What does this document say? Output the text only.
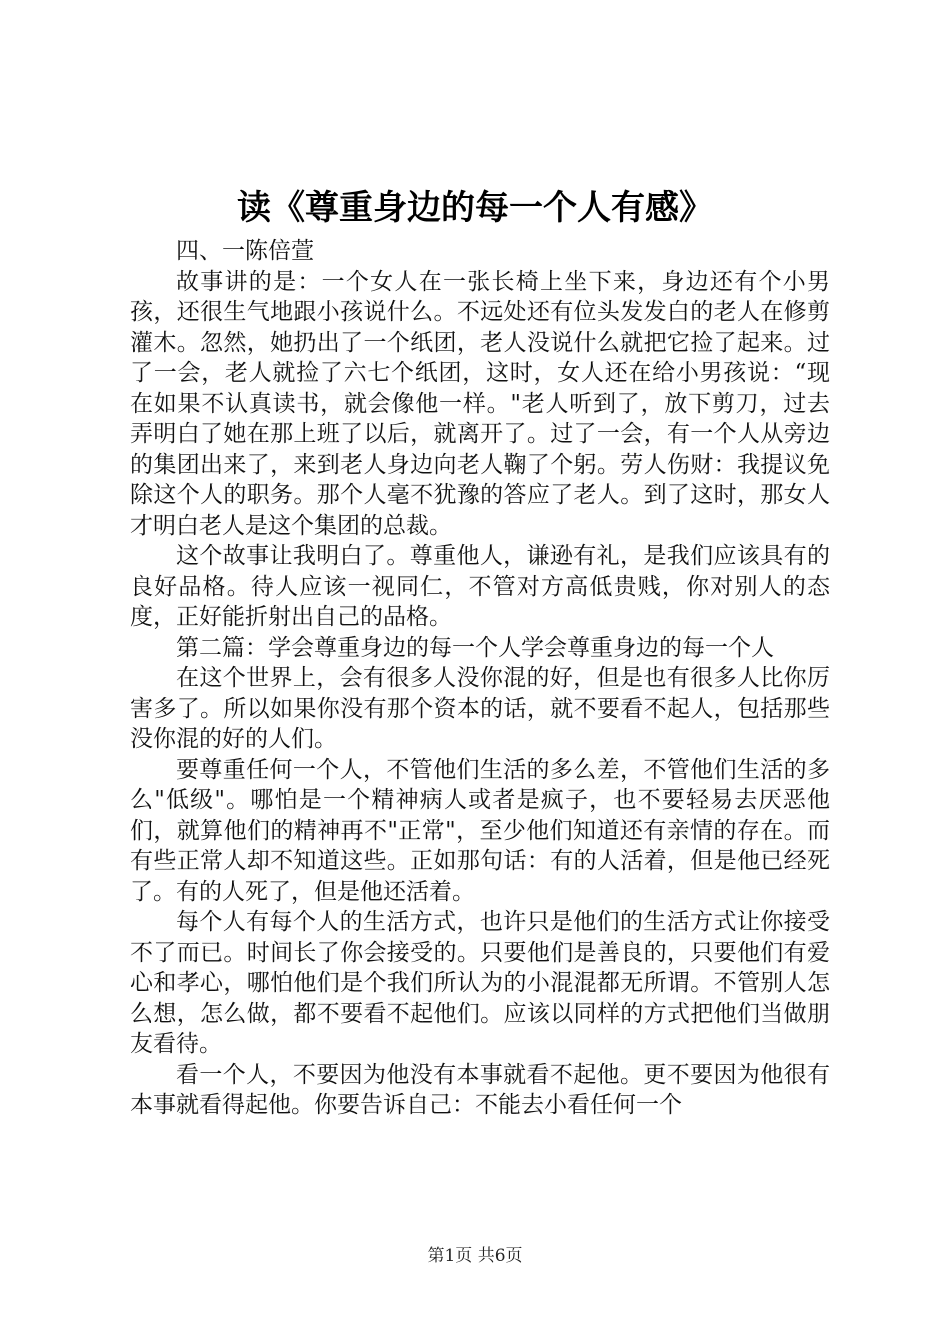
读《尊重身边的每一个人有感》

四、一陈倍萱

故事讲的是：一个女人在一张长椅上坐下来，身边还有个小男孩，还很生气地跟小孩说什么。不远处还有位头发发白的老人在修剪灌木。忽然，她扔出了一个纸团，老人没说什么就把它捡了起来。过了一会，老人就捡了六七个纸团，这时，女人还在给小男孩说：“现在如果不认真读书，就会像他一样。"老人听到了，放下剪刀，过去弄明白了她在那上班了以后，就离开了。过了一会，有一个人从旁边的集团出来了，来到老人身边向老人鞠了个躬。劳人伤财：我提议免除这个人的职务。那个人毫不犹豫的答应了老人。到了这时，那女人才明白老人是这个集团的总裁。

这个故事让我明白了。尊重他人，谦逊有礼，是我们应该具有的良好品格。待人应该一视同仁，不管对方高低贵贱，你对别人的态度，正好能折射出自己的品格。

第二篇：学会尊重身边的每一个人学会尊重身边的每一个人

在这个世界上，会有很多人没你混的好，但是也有很多人比你厉害多了。所以如果你没有那个资本的话，就不要看不起人，包括那些没你混的好的人们。

要尊重任何一个人，不管他们生活的多么差，不管他们生活的多么"低级"。哪怕是一个精神病人或者是疯子，也不要轻易去厌恶他们，就算他们的精神再不"正常"，至少他们知道还有亲情的存在。而有些正常人却不知道这些。正如那句话：有的人活着，但是他已经死了。有的人死了，但是他还活着。

每个人有每个人的生活方式，也许只是他们的生活方式让你接受不了而已。时间长了你会接受的。只要他们是善良的，只要他们有爱心和孝心，哪怕他们是个我们所认为的小混混都无所谓。不管别人怎么想，怎么做，都不要看不起他们。应该以同样的方式把他们当做朋友看待。

看一个人，不要因为他没有本事就看不起他。更不要因为他很有本事就看得起他。你要告诉自己：不能去小看任何一个

第1页 共6页
